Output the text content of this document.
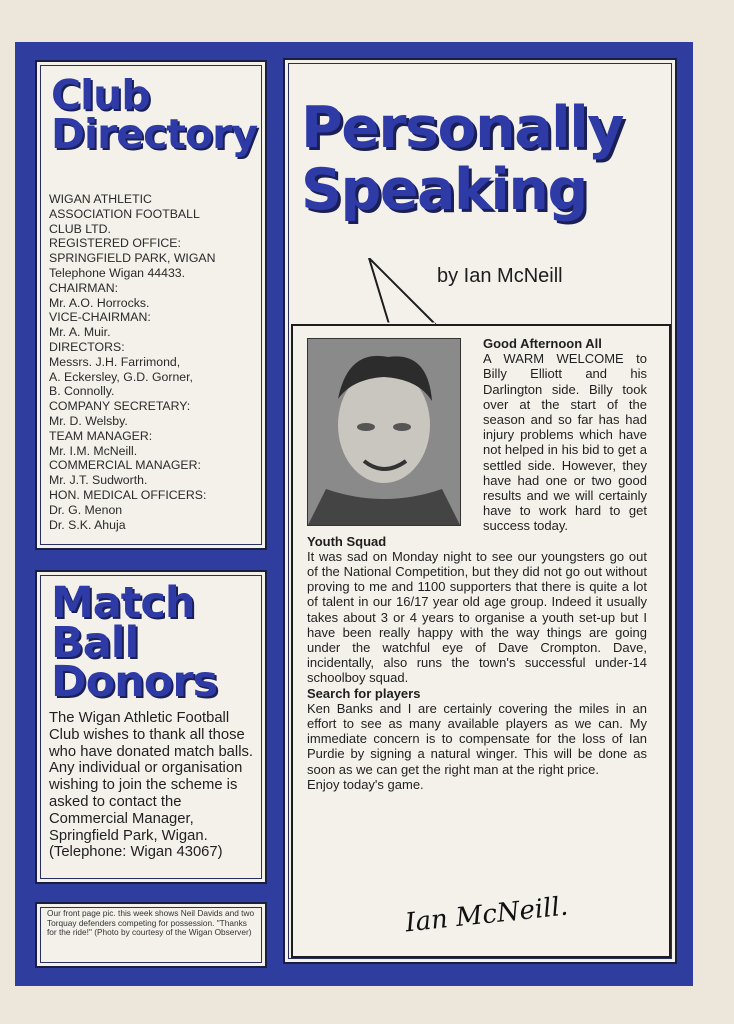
Club
Directory
WIGAN ATHLETIC
ASSOCIATION FOOTBALL
CLUB LTD.
REGISTERED OFFICE:
SPRINGFIELD PARK, WIGAN
Telephone Wigan 44433.
CHAIRMAN:
Mr. A.O. Horrocks.
VICE-CHAIRMAN:
Mr. A. Muir.
DIRECTORS:
Messrs. J.H. Farrimond,
A. Eckersley, G.D. Gorner,
B. Connolly.
COMPANY SECRETARY:
Mr. D. Welsby.
TEAM MANAGER:
Mr. I.M. McNeill.
COMMERCIAL MANAGER:
Mr. J.T. Sudworth.
HON. MEDICAL OFFICERS:
Dr. G. Menon
Dr. S.K. Ahuja
Match
Ball
Donors
The Wigan Athletic Football Club wishes to thank all those who have donated match balls. Any individual or organisation wishing to join the scheme is asked to contact the Commercial Manager, Springfield Park, Wigan. (Telephone: Wigan 43067)
Our front page pic. this week shows Neil Davids and two Torquay defenders competing for possession. "Thanks for the ride!" (Photo by courtesy of the Wigan Observer)
Personally
Speaking
by Ian McNeill

Good Afternoon All

A WARM WELCOME to Billy Elliott and his Darlington side. Billy took over at the start of the season and so far has had injury problems which have not helped in his bid to get a settled side. However, they have had one or two good results and we will certainly have to work hard to get success today.

Youth Squad

It was sad on Monday night to see our youngsters go out of the National Competition, but they did not go out without proving to me and 1100 supporters that there is quite a lot of talent in our 16/17 year old age group. Indeed it usually takes about 3 or 4 years to organise a youth set-up but I have been really happy with the way things are going under the watchful eye of Dave Crompton. Dave, incidentally, also runs the town's successful under-14 schoolboy squad.

Search for players

Ken Banks and I are certainly covering the miles in an effort to see as many available players as we can. My immediate concern is to compensate for the loss of Ian Purdie by signing a natural winger. This will be done as soon as we can get the right man at the right price.

Enjoy today's game.

Ian McNeill.
